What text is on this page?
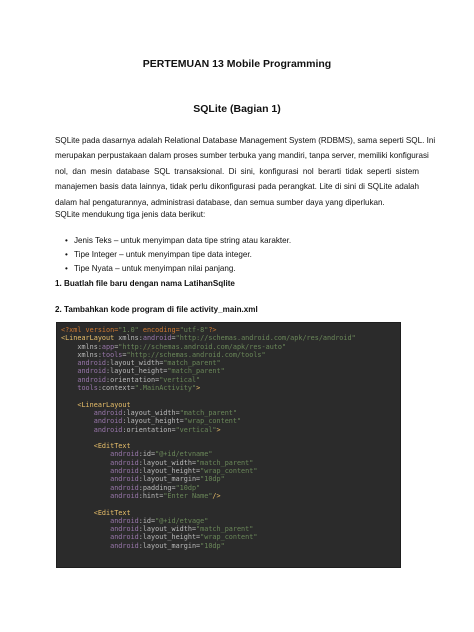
PERTEMUAN 13 Mobile Programming
SQLite (Bagian 1)
SQLite pada dasarnya adalah Relational Database Management System (RDBMS), sama seperti SQL. Ini
merupakan perpustakaan dalam proses sumber terbuka yang mandiri, tanpa server, memiliki konfigurasi
nol, dan mesin database SQL transaksional. Di sini, konfigurasi nol berarti tidak seperti sistem
manajemen basis data lainnya, tidak perlu dikonfigurasi pada perangkat. Lite di sini di SQLite adalah
dalam hal pengaturannya, administrasi database, dan semua sumber daya yang diperlukan.
SQLite mendukung tiga jenis data berikut:
• Jenis Teks – untuk menyimpan data tipe string atau karakter.
• Tipe Integer – untuk menyimpan tipe data integer.
• Tipe Nyata – untuk menyimpan nilai panjang.
1. Buatlah file baru dengan nama LatihanSqlite
2. Tambahkan kode program di file activity_main.xml
<?xml version="1.0" encoding="utf-8"?>
<LinearLayout xmlns:android="http://schemas.android.com/apk/res/android"
xmlns:app="http://schemas.android.com/apk/res-auto"
xmlns:tools="http://schemas.android.com/tools"
android:layout_width="match_parent"
android:layout_height="match_parent"
android:orientation="vertical"
tools:context=".MainActivity">
<LinearLayout
android:layout_width="match_parent"
android:layout_height="wrap_content"
android:orientation="vertical">
<EditText
android:id="@+id/etvname"
android:layout_width="match_parent"
android:layout_height="wrap_content"
android:layout_margin="10dp"
android:padding="10dp"
android:hint="Enter Name"/>
<EditText
android:id="@+id/etvage"
android:layout_width="match_parent"
android:layout_height="wrap_content"
android:layout_margin="10dp"
